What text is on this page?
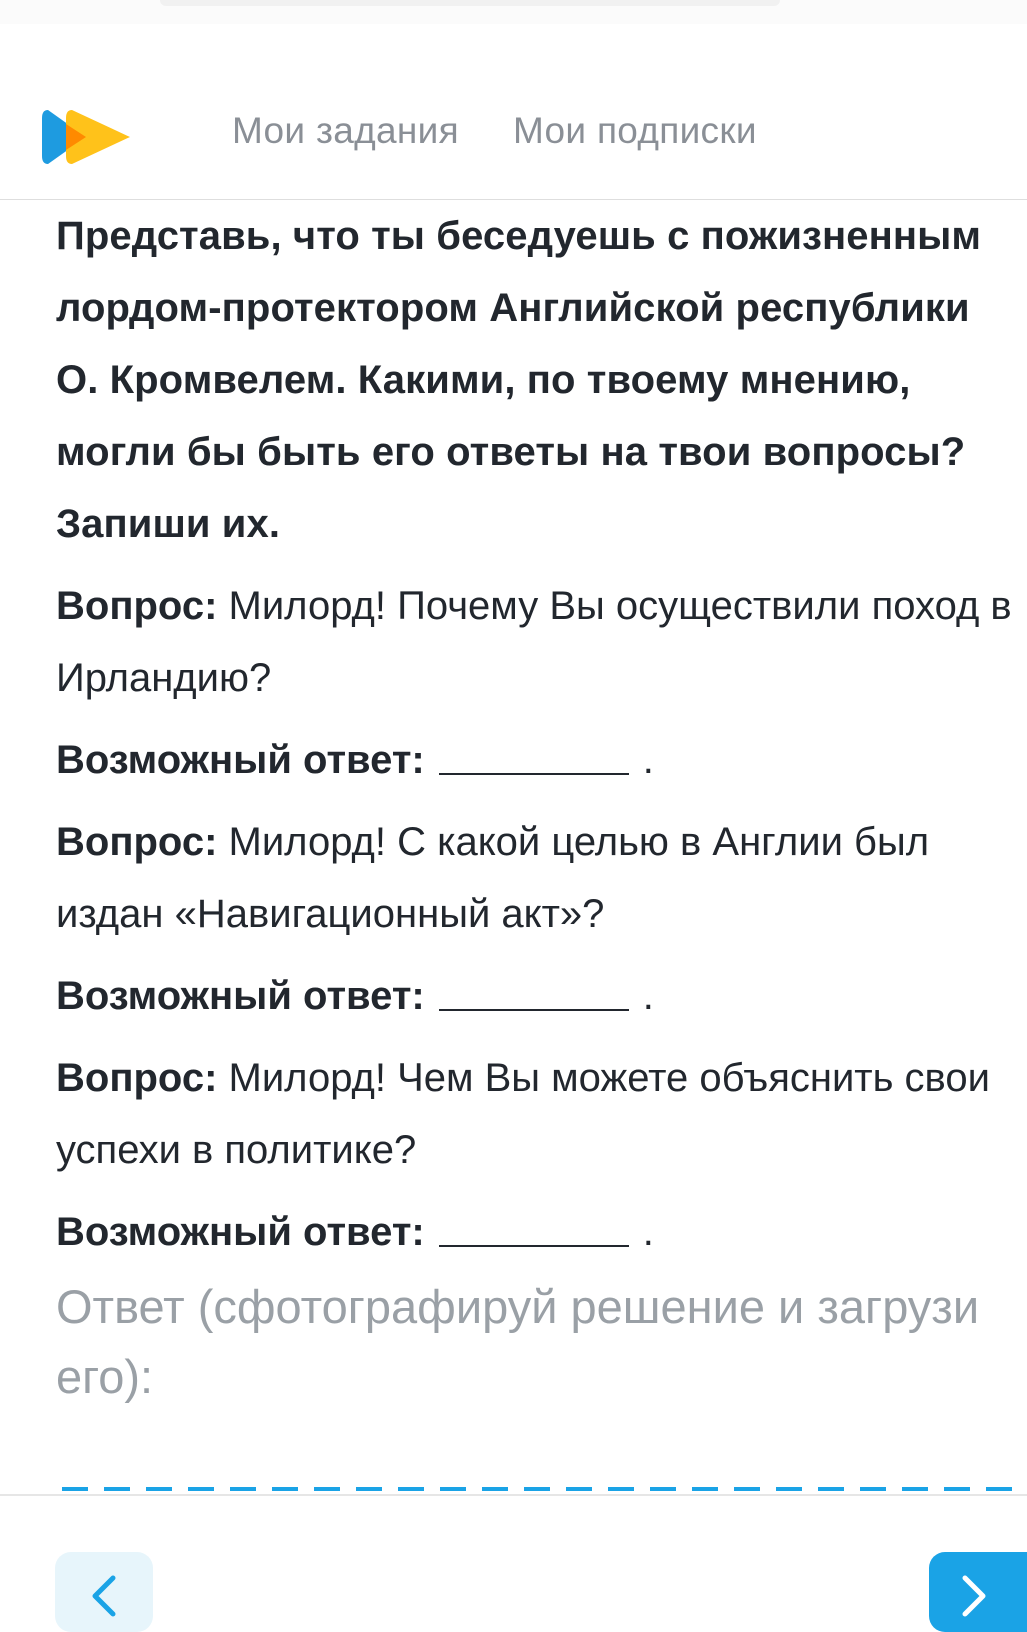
Мои задания Мои подписки

Представь, что ты беседуешь с пожизненным лордом-протектором Английской республики О. Кромвелем. Какими, по твоему мнению, могли бы быть его ответы на твои вопросы? Запиши их.

Вопрос: Милорд! Почему Вы осуществили поход в Ирландию?
Возможный ответ:	.
Вопрос: Милорд! С какой целью в Англии был издан «Навигационный акт»?
Возможный ответ:	.
Вопрос: Милорд! Чем Вы можете объяснить свои успехи в политике?
Возможный ответ:	.
Ответ (сфотографируй решение и загрузи его):
